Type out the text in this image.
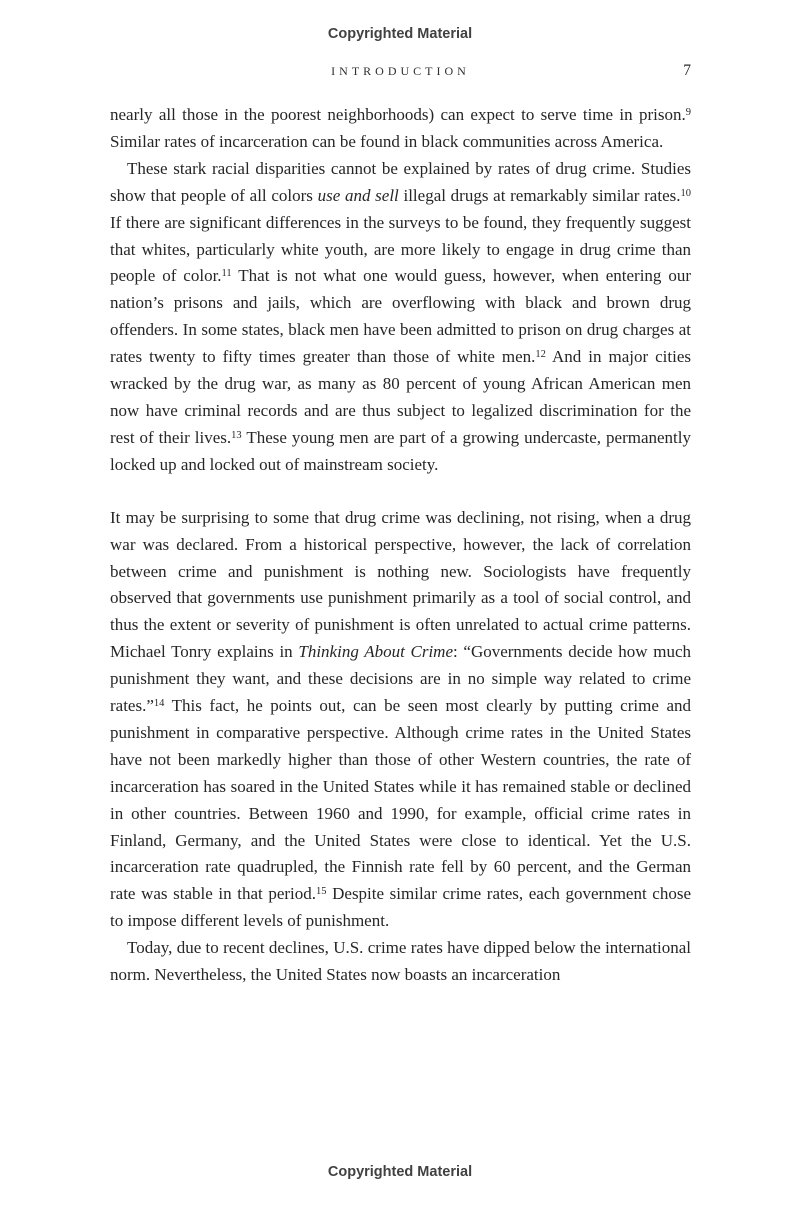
Copyrighted Material
INTRODUCTION	7

nearly all those in the poorest neighborhoods) can expect to serve time in prison.$^9$ Similar rates of incarceration can be found in black communities across America.

These stark racial disparities cannot be explained by rates of drug crime. Studies show that people of all colors use and sell illegal drugs at remarkably similar rates.$^{10}$ If there are significant differences in the surveys to be found, they frequently suggest that whites, particularly white youth, are more likely to engage in drug crime than people of color.$^{11}$ That is not what one would guess, however, when entering our nation’s prisons and jails, which are overflowing with black and brown drug offenders. In some states, black men have been admitted to prison on drug charges at rates twenty to fifty times greater than those of white men.$^{12}$ And in major cities wracked by the drug war, as many as 80 percent of young African American men now have criminal records and are thus subject to legalized discrimination for the rest of their lives.$^{13}$ These young men are part of a growing undercaste, permanently locked up and locked out of mainstream society.

It may be surprising to some that drug crime was declining, not rising, when a drug war was declared. From a historical perspective, however, the lack of correlation between crime and punishment is nothing new. Sociologists have frequently observed that governments use punishment primarily as a tool of social control, and thus the extent or severity of punishment is often unrelated to actual crime patterns. Michael Tonry explains in Thinking About Crime: “Governments decide how much punishment they want, and these decisions are in no simple way related to crime rates.”$^{14}$ This fact, he points out, can be seen most clearly by putting crime and punishment in comparative perspective. Although crime rates in the United States have not been markedly higher than those of other Western countries, the rate of incarceration has soared in the United States while it has remained stable or declined in other countries. Between 1960 and 1990, for example, official crime rates in Finland, Germany, and the United States were close to identical. Yet the U.S. incarceration rate quadrupled, the Finnish rate fell by 60 percent, and the German rate was stable in that period.$^{15}$ Despite similar crime rates, each government chose to impose different levels of punishment.

Today, due to recent declines, U.S. crime rates have dipped below the international norm. Nevertheless, the United States now boasts an incarceration

Copyrighted Material
